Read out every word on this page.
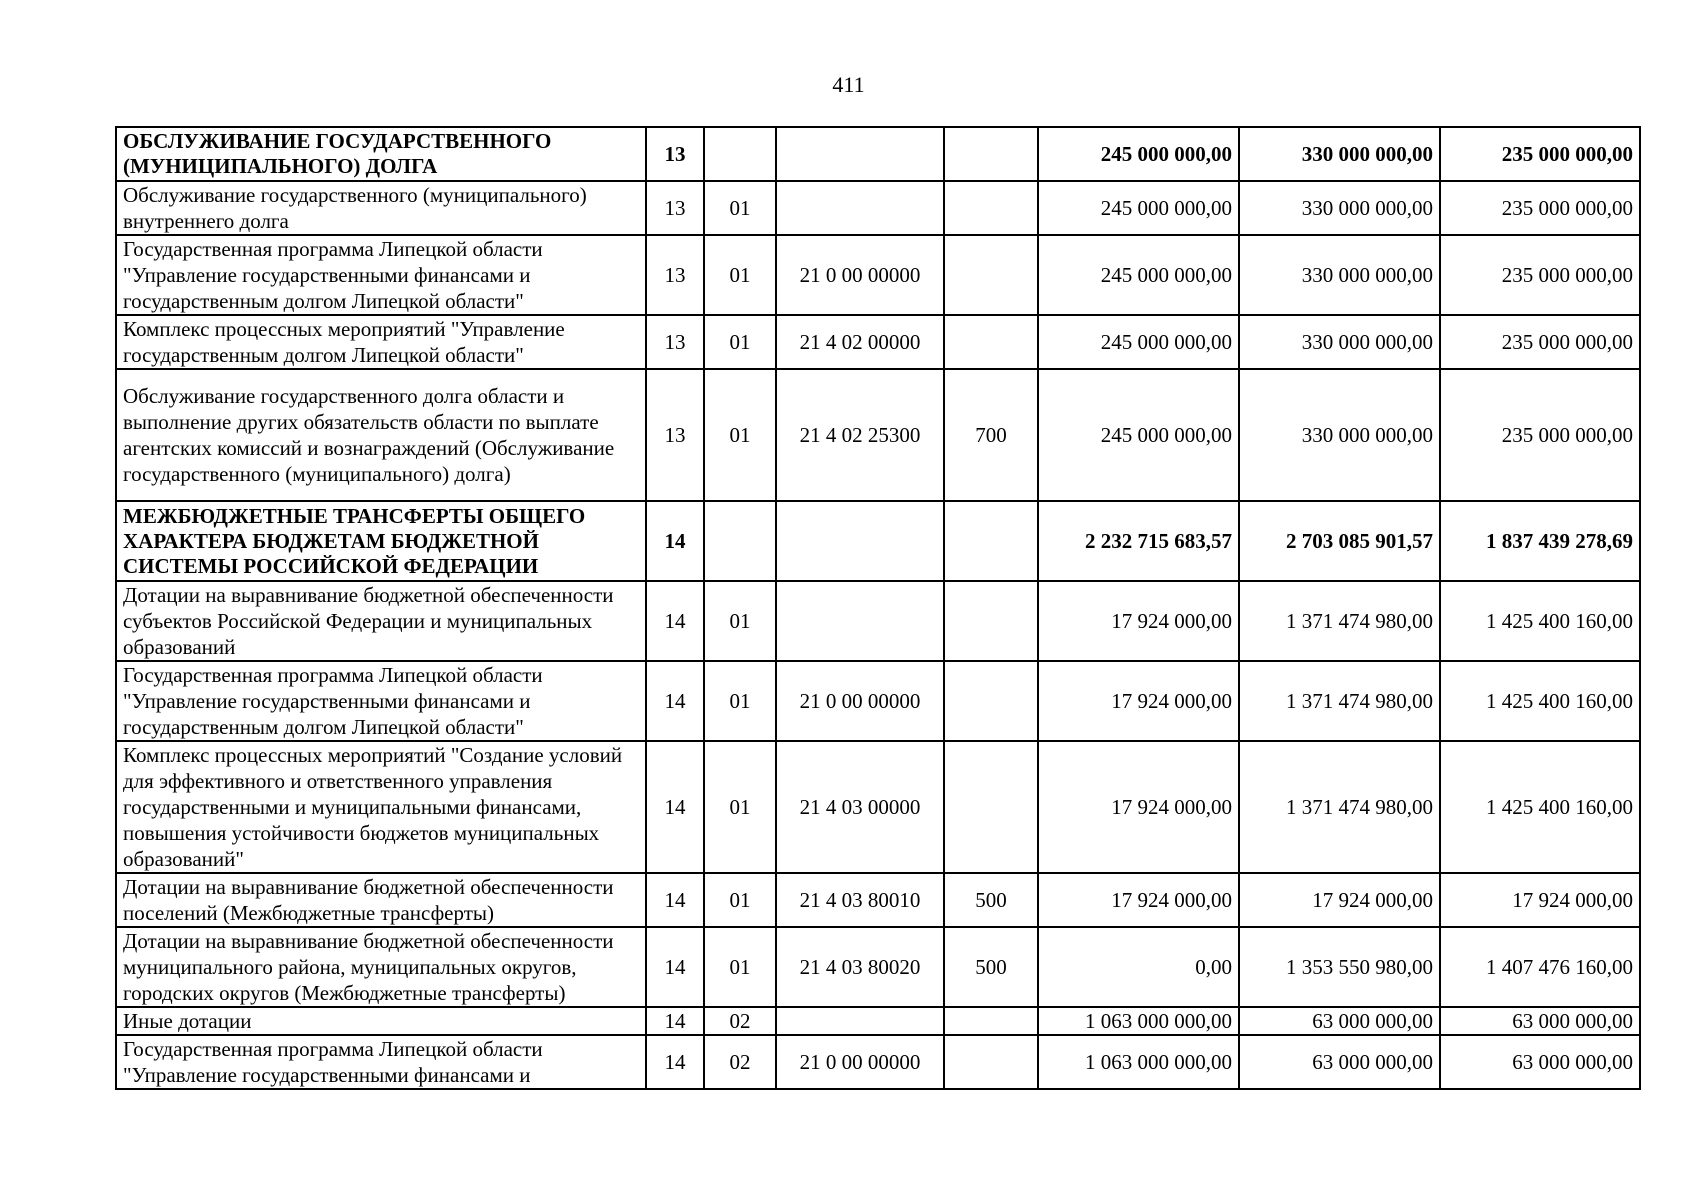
411
ОБСЛУЖИВАНИЕ ГОСУДАРСТВЕННОГО (МУНИЦИПАЛЬНОГО) ДОЛГА	13				245 000 000,00	330 000 000,00	235 000 000,00
Обслуживание государственного (муниципального) внутреннего долга	13	01			245 000 000,00	330 000 000,00	235 000 000,00
Государственная программа Липецкой области "Управление государственными финансами и государственным долгом Липецкой области"	13	01	21 0 00 00000		245 000 000,00	330 000 000,00	235 000 000,00
Комплекс процессных мероприятий "Управление государственным долгом Липецкой области"	13	01	21 4 02 00000		245 000 000,00	330 000 000,00	235 000 000,00
Обслуживание государственного долга области и выполнение других обязательств области по выплате агентских комиссий и вознаграждений (Обслуживание государственного (муниципального) долга)	13	01	21 4 02 25300	700	245 000 000,00	330 000 000,00	235 000 000,00
МЕЖБЮДЖЕТНЫЕ ТРАНСФЕРТЫ ОБЩЕГО ХАРАКТЕРА БЮДЖЕТАМ БЮДЖЕТНОЙ СИСТЕМЫ РОССИЙСКОЙ ФЕДЕРАЦИИ	14				2 232 715 683,57	2 703 085 901,57	1 837 439 278,69
Дотации на выравнивание бюджетной обеспеченности субъектов Российской Федерации и муниципальных образований	14	01			17 924 000,00	1 371 474 980,00	1 425 400 160,00
Государственная программа Липецкой области "Управление государственными финансами и государственным долгом Липецкой области"	14	01	21 0 00 00000		17 924 000,00	1 371 474 980,00	1 425 400 160,00
Комплекс процессных мероприятий "Создание условий для эффективного и ответственного управления государственными и муниципальными финансами, повышения устойчивости бюджетов муниципальных образований"	14	01	21 4 03 00000		17 924 000,00	1 371 474 980,00	1 425 400 160,00
Дотации на выравнивание бюджетной обеспеченности поселений (Межбюджетные трансферты)	14	01	21 4 03 80010	500	17 924 000,00	17 924 000,00	17 924 000,00
Дотации на выравнивание бюджетной обеспеченности муниципального района, муниципальных округов, городских округов (Межбюджетные трансферты)	14	01	21 4 03 80020	500	0,00	1 353 550 980,00	1 407 476 160,00
Иные дотации	14	02			1 063 000 000,00	63 000 000,00	63 000 000,00
Государственная программа Липецкой области "Управление государственными финансами и	14	02	21 0 00 00000		1 063 000 000,00	63 000 000,00	63 000 000,00
